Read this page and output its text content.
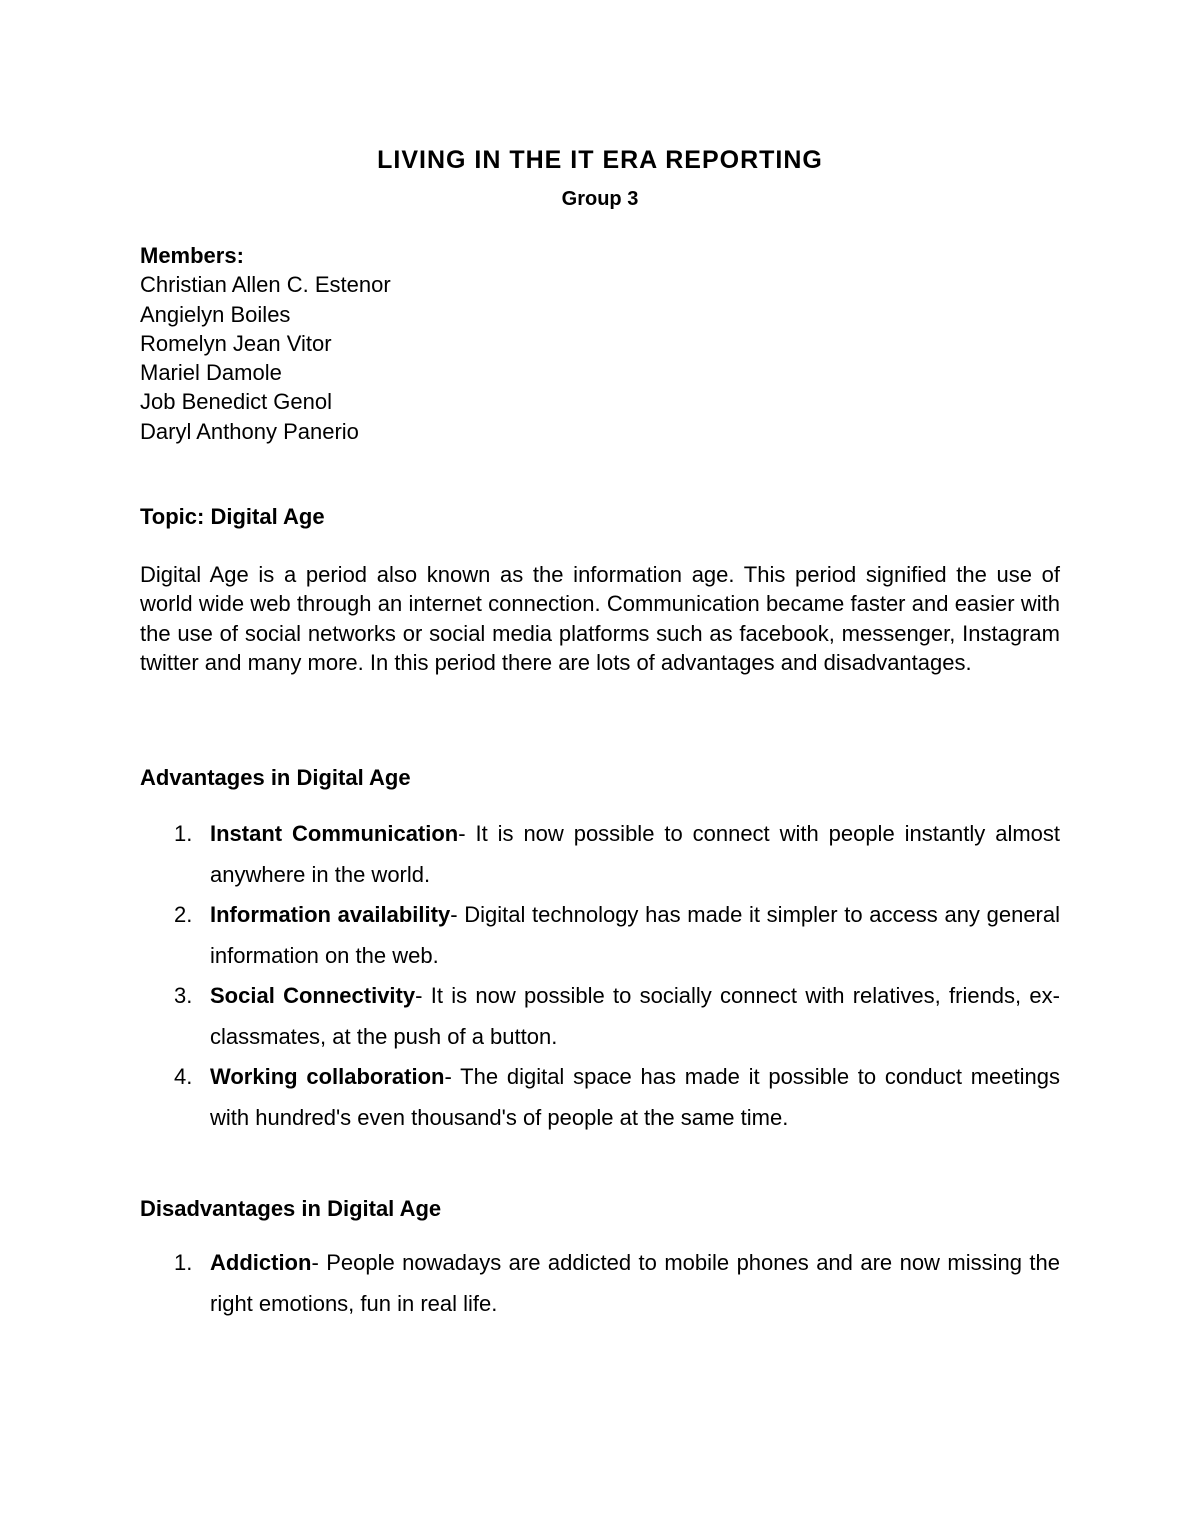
LIVING IN THE IT ERA REPORTING
Group 3
Members:
Christian Allen C. Estenor
Angielyn Boiles
Romelyn Jean Vitor
Mariel Damole
Job Benedict Genol
Daryl Anthony Panerio
Topic: Digital Age

Digital Age is a period also known as the information age. This period signified the use of world wide web through an internet connection. Communication became faster and easier with the use of social networks or social media platforms such as facebook, messenger, Instagram twitter and many more. In this period there are lots of advantages and disadvantages.

Advantages in Digital Age
1. Instant Communication- It is now possible to connect with people instantly almost anywhere in the world.
2. Information availability- Digital technology has made it simpler to access any general information on the web.
3. Social Connectivity- It is now possible to socially connect with relatives, friends, ex-classmates, at the push of a button.
4. Working collaboration- The digital space has made it possible to conduct meetings with hundred's even thousand's of people at the same time.
Disadvantages in Digital Age
1. Addiction- People nowadays are addicted to mobile phones and are now missing the right emotions, fun in real life.
